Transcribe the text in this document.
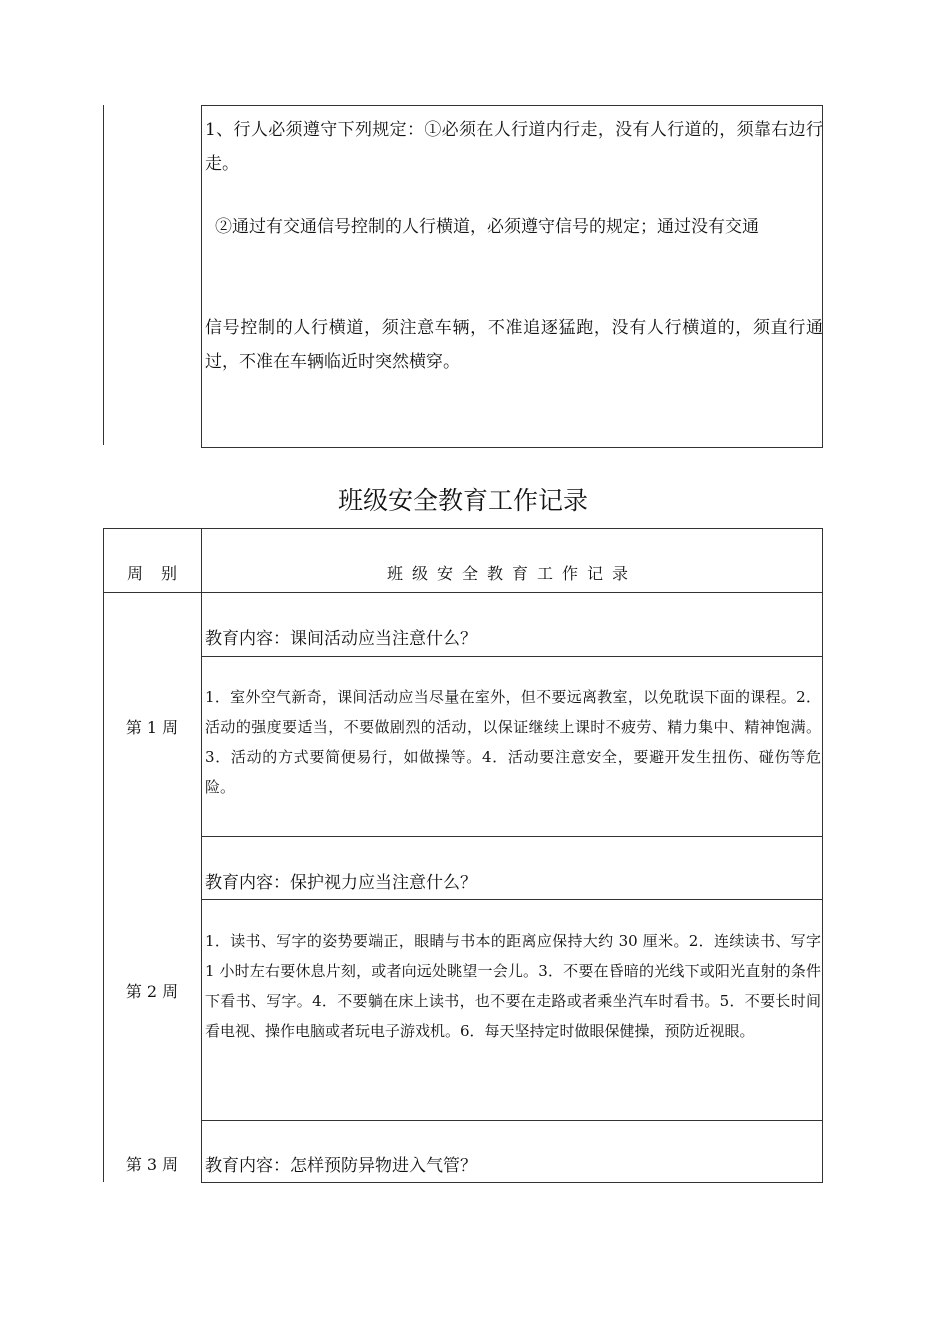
1、行人必须遵守下列规定：①必须在人行道内行走，没有人行道的，须靠右边行走。
②通过有交通信号控制的人行横道，必须遵守信号的规定；通过没有交通
信号控制的人行横道，须注意车辆，不准追逐猛跑，没有人行横道的，须直行通过，不准在车辆临近时突然横穿。
班级安全教育工作记录
周　别	班级安全教育工作记录
第 1 周
教育内容：课间活动应当注意什么？
1．室外空气新奇，课间活动应当尽量在室外，但不要远离教室，以免耽误下面的课程。2．活动的强度要适当，不要做剧烈的活动，以保证继续上课时不疲劳、精力集中、精神饱满。3．活动的方式要简便易行，如做操等。4．活动要注意安全，要避开发生扭伤、碰伤等危险。
第 2 周
教育内容：保护视力应当注意什么？
1．读书、写字的姿势要端正，眼睛与书本的距离应保持大约 30 厘米。2．连续读书、写字 1 小时左右要休息片刻，或者向远处眺望一会儿。3．不要在昏暗的光线下或阳光直射的条件下看书、写字。4．不要躺在床上读书，也不要在走路或者乘坐汽车时看书。5．不要长时间看电视、操作电脑或者玩电子游戏机。6．每天坚持定时做眼保健操，预防近视眼。
第 3 周	教育内容：怎样预防异物进入气管？
